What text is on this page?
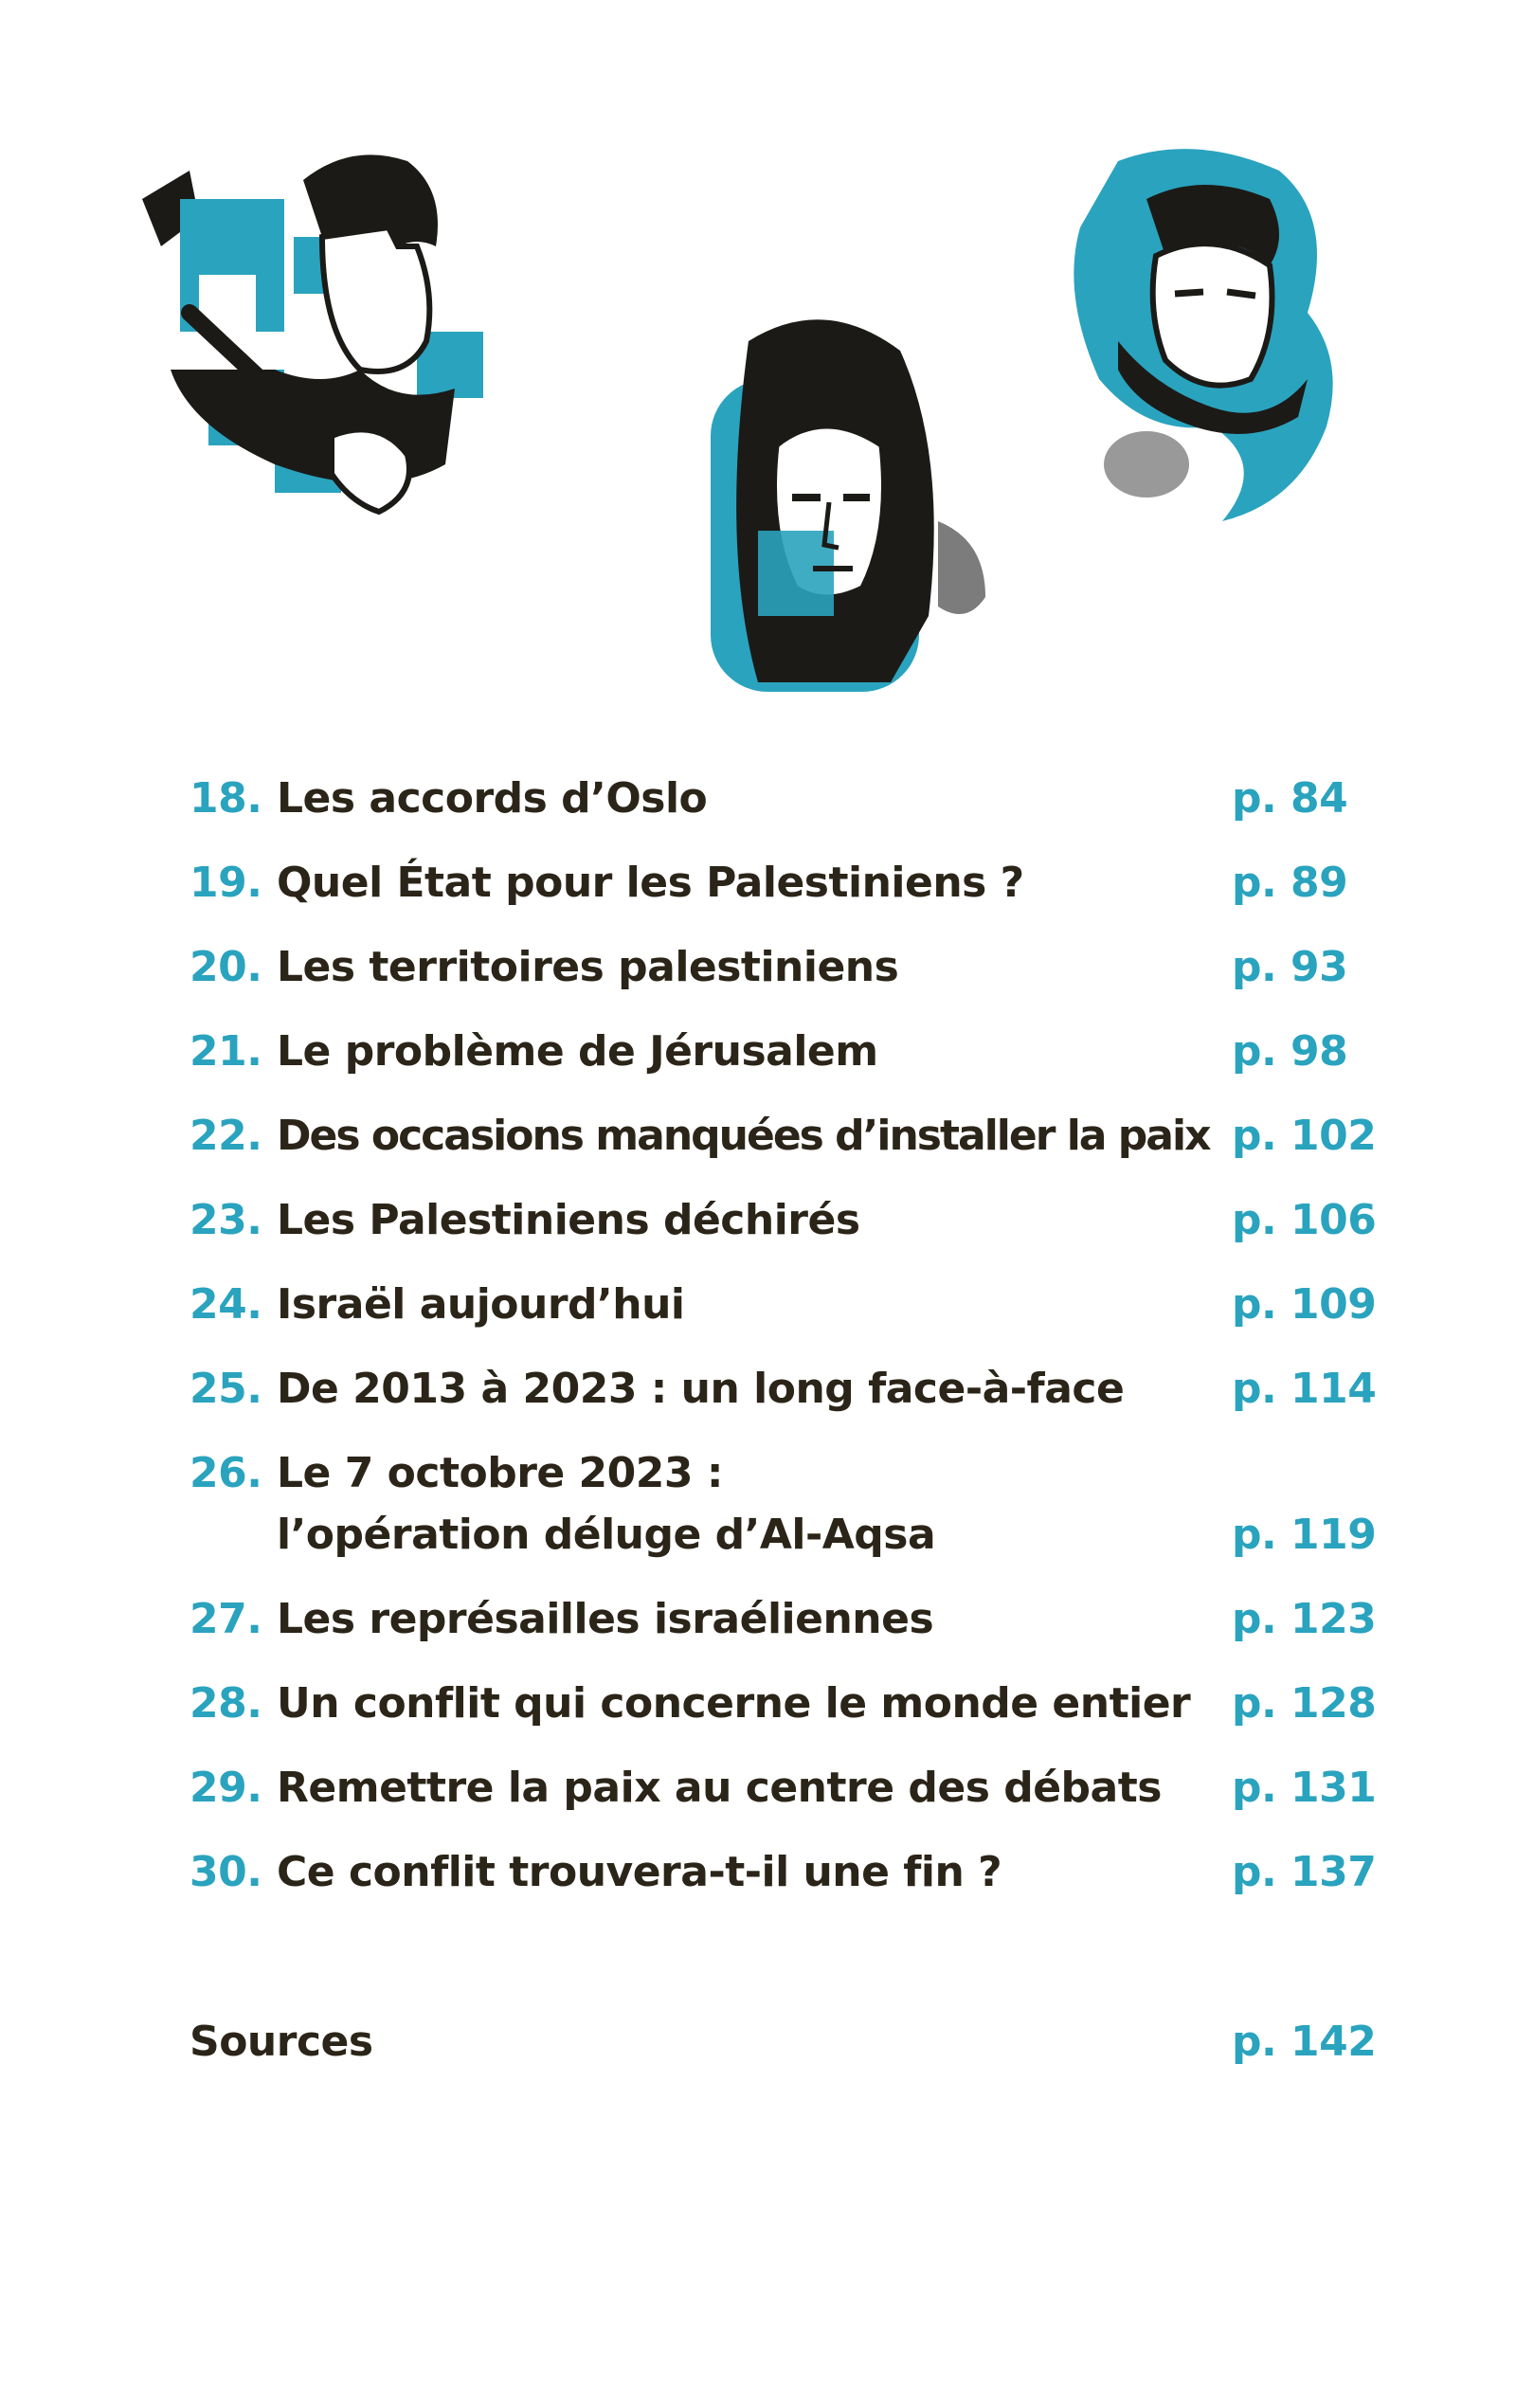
18. Les accords d’Oslo	p. 84
19. Quel État pour les Palestiniens ?	p. 89
20. Les territoires palestiniens	p. 93
21. Le problème de Jérusalem	p. 98
22. Des occasions manquées d’installer la paix p. 102
23. Les Palestiniens déchirés	p. 106
24. Israël aujourd’hui	p. 109
25. De 2013 à 2023 : un long face-à-face	p. 114
26. Le 7 octobre 2023 :
l’opération déluge d’Al-Aqsa	p. 119
27. Les représailles israéliennes	p. 123
28. Un conflit qui concerne le monde entier p. 128
29. Remettre la paix au centre des débats p. 131
30. Ce conflit trouvera-t-il une fin ?	p. 137
Sources	p. 142
